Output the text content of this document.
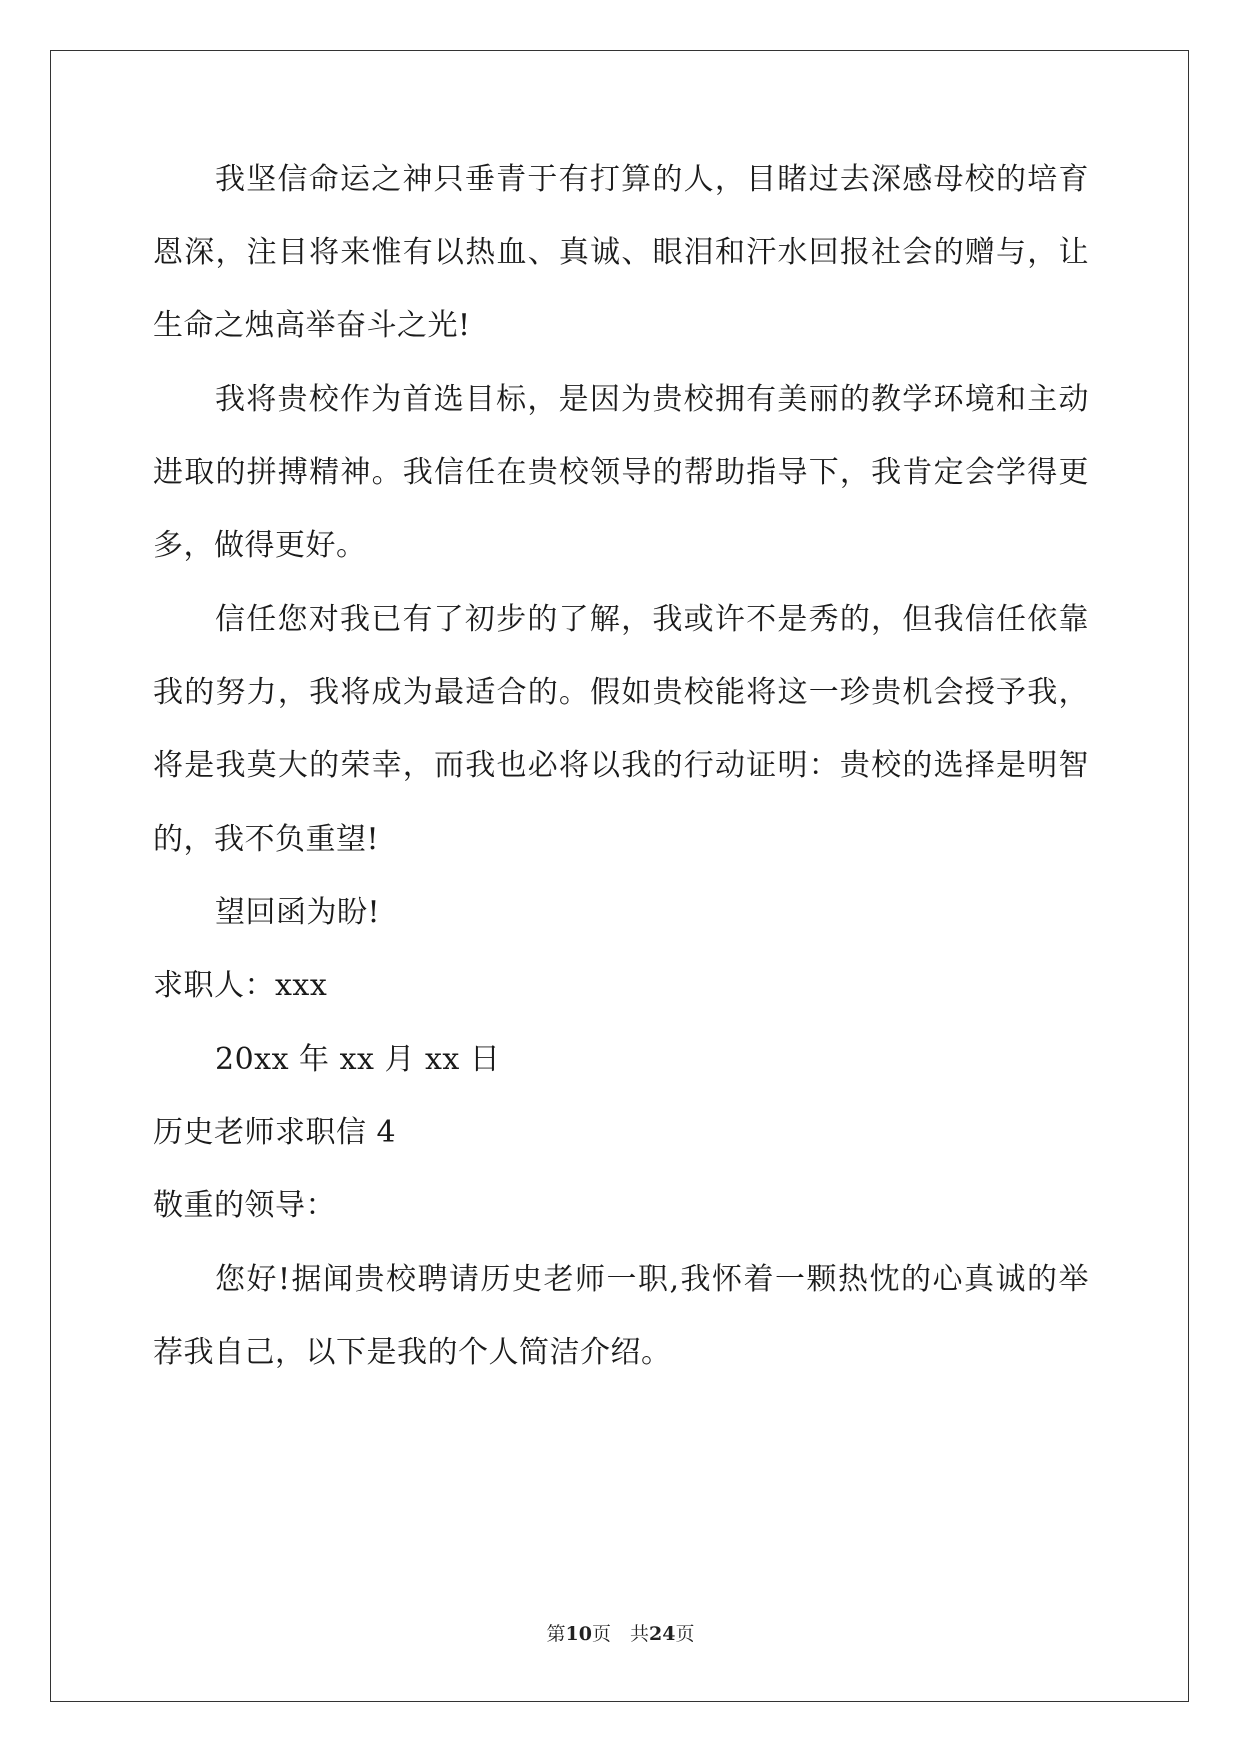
我坚信命运之神只垂青于有打算的人，目睹过去深感母校的培育
恩深，注目将来惟有以热血、真诚、眼泪和汗水回报社会的赠与，让
生命之烛高举奋斗之光!
我将贵校作为首选目标，是因为贵校拥有美丽的教学环境和主动
进取的拼搏精神。我信任在贵校领导的帮助指导下，我肯定会学得更
多，做得更好。
信任您对我已有了初步的了解，我或许不是秀的，但我信任依靠
我的努力，我将成为最适合的。假如贵校能将这一珍贵机会授予我，
将是我莫大的荣幸，而我也必将以我的行动证明：贵校的选择是明智
的，我不负重望!
望回函为盼!
求职人：xxx
20xx 年 xx 月 xx 日
历史老师求职信 4
敬重的领导：
您好!据闻贵校聘请历史老师一职,我怀着一颗热忱的心真诚的举
荐我自己，以下是我的个人简洁介绍。
第10页　共24页
